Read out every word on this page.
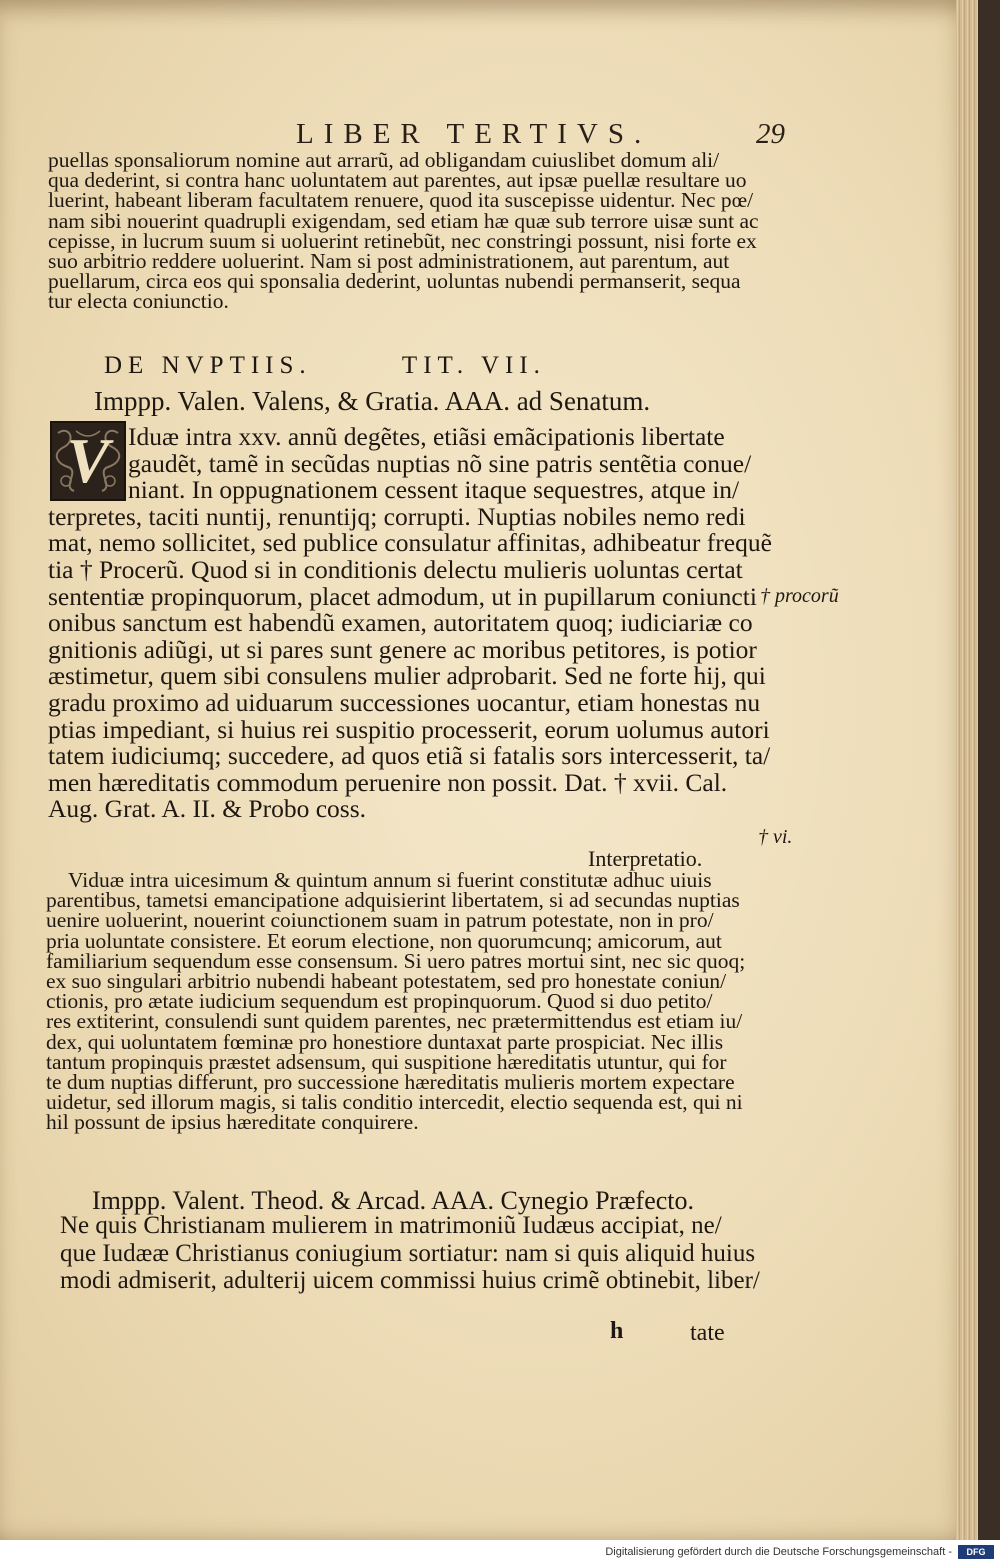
LIBER TERTIVS.	29
puellas sponsaliorum nomine aut arrarũ, ad obligandam cuiuslibet domum ali/
qua dederint, si contra hanc uoluntatem aut parentes, aut ipsæ puellæ resultare uo
luerint, habeant liberam facultatem renuere, quod ita suscepisse uidentur. Nec pœ/
nam sibi nouerint quadrupli exigendam, sed etiam hæ quæ sub terrore uisæ sunt ac
cepisse, in lucrum suum si uoluerint retinebũt, nec constringi possunt, nisi forte ex
suo arbitrio reddere uoluerint. Nam si post administrationem, aut parentum, aut
puellarum, circa eos qui sponsalia dederint, uoluntas nubendi permanserit, sequa
tur electa coniunctio.
DE NVPTIIS.	TIT. VII.
Imppp. Valen. Valens, & Gratia. AAA. ad Senatum.
V Iduæ intra xxv. annũ degẽtes, etiãsi emãcipationis libertate
gaudẽt, tamẽ in secũdas nuptias nõ sine patris sentẽtia conue/
niant. In oppugnationem cessent itaque sequestres, atque in/
terpretes, taciti nuntij, renuntijq; corrupti. Nuptias nobiles nemo redi
mat, nemo sollicitet, sed publice consulatur affinitas, adhibeatur frequẽ
tia † Procerũ. Quod si in conditionis delectu mulieris uoluntas certat
sententiæ propinquorum, placet admodum, ut in pupillarum coniuncti
onibus sanctum est habendũ examen, autoritatem quoq; iudiciariæ co
gnitionis adiũgi, ut si pares sunt genere ac moribus petitores, is potior
æstimetur, quem sibi consulens mulier adprobarit. Sed ne forte hij, qui
gradu proximo ad uiduarum successiones uocantur, etiam honestas nu
ptias impediant, si huius rei suspitio processerit, eorum uolumus autori
tatem iudiciumq; succedere, ad quos etiã si fatalis sors intercesserit, ta/
men hæreditatis commodum peruenire non possit. Dat. † xvii. Cal.
Aug. Grat. A. II. & Probo coss.
† procorũ
† vi.
Interpretatio.
Viduæ intra uicesimum & quintum annum si fuerint constitutæ adhuc uiuis
parentibus, tametsi emancipatione adquisierint libertatem, si ad secundas nuptias
uenire uoluerint, nouerint coiunctionem suam in patrum potestate, non in pro/
pria uoluntate consistere. Et eorum electione, non quorumcunq; amicorum, aut
familiarium sequendum esse consensum. Si uero patres mortui sint, nec sic quoq;
ex suo singulari arbitrio nubendi habeant potestatem, sed pro honestate coniun/
ctionis, pro ætate iudicium sequendum est propinquorum. Quod si duo petito/
res extiterint, consulendi sunt quidem parentes, nec prætermittendus est etiam iu/
dex, qui uoluntatem fœminæ pro honestiore duntaxat parte prospiciat. Nec illis
tantum propinquis præstet adsensum, qui suspitione hæreditatis utuntur, qui for
te dum nuptias differunt, pro successione hæreditatis mulieris mortem expectare
uidetur, sed illorum magis, si talis conditio intercedit, electio sequenda est, qui ni
hil possunt de ipsius hæreditate conquirere.
Imppp. Valent. Theod. & Arcad. AAA. Cynegio Præfecto.
Ne quis Christianam mulierem in matrimoniũ Iudæus accipiat, ne/
que Iudææ Christianus coniugium sortiatur: nam si quis aliquid huius
modi admiserit, adulterij uicem commissi huius crimẽ obtinebit, liber/
h	tate
Digitalisierung gefördert durch die Deutsche Forschungsgemeinschaft -	DFG
